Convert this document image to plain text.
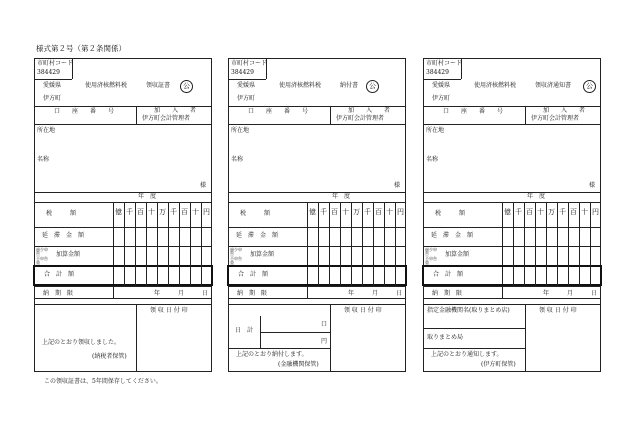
様式第２号（第２条関係）
市町村コード
384429
愛媛県
伊方町
使用済核燃料税	領収証書	公
口　　座　　番　　号	加　　入　　者
伊方町会計管理者
所在地
名称
様
年　度
億 千 百 十 万 千 百 十 円
税　　　額
延　滞　金　額
過少申告
不申告
重
加算金額
合　計　額
納　期　限	年　　　月　　　日
領 収 日 付 印
上記のとおり領収しました。
(納税者保管)
市町村コード
384429
愛媛県
伊方町
使用済核燃料税	納付書	公
口　　座　　番　　号	加　　入　　者
伊方町会計管理者
所在地
名称
様
年　度
億 千 百 十 万 千 百 十 円
税　　　額
延　滞　金　額
過少申告
不申告
重
加算金額
合　計　額
納　期　限	年　　　月　　　日
日　計
口
円
領 収 日 付 印
上記のとおり納付します。
(金融機関保管)
市町村コード
384429
愛媛県
伊方町
使用済核燃料税	領収済通知書	公
口　　座　　番　　号	加　　入　　者
伊方町会計管理者
所在地
名称
様
年　度
億 千 百 十 万 千 百 十 円
税　　　額
延　滞　金　額
過少申告
不申告
重
加算金額
合　計　額
納　期　限	年　　　月　　　日
指定金融機関名(取りまとめ店)
取りまとめ局
領 収 日 付 印
上記のとおり通知します。
(伊方町保管)
この領収証書は、5年間保存してください。
